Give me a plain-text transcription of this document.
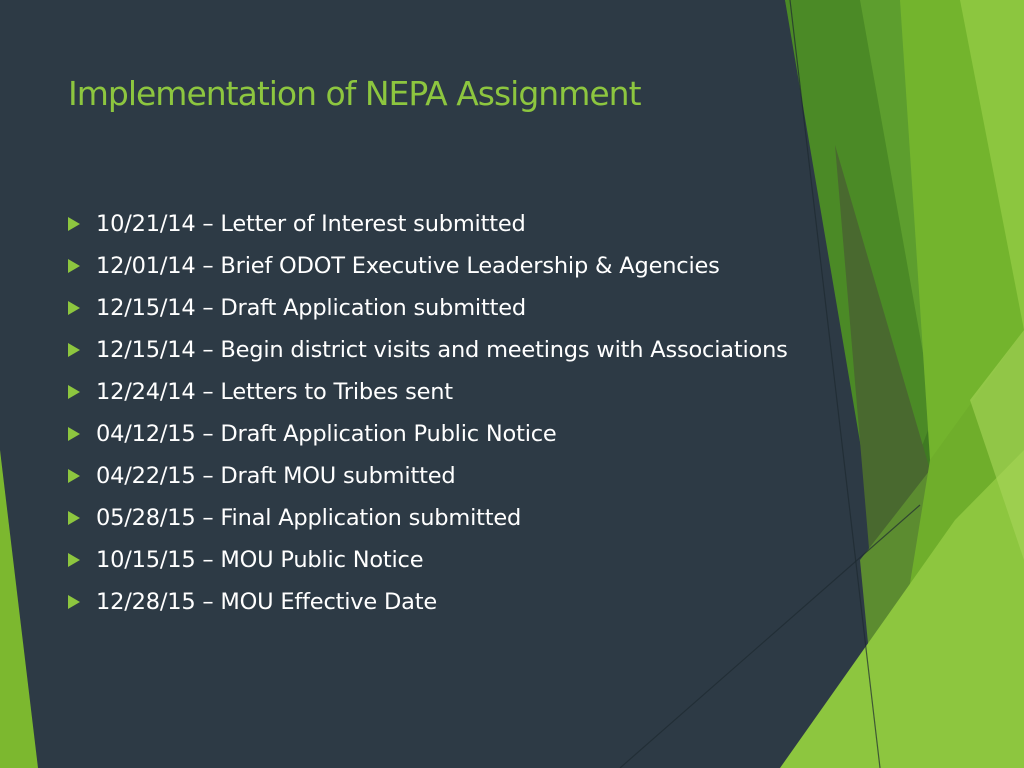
Implementation of NEPA Assignment
10/21/14 – Letter of Interest submitted
12/01/14 – Brief ODOT Executive Leadership & Agencies
12/15/14 – Draft Application submitted
12/15/14 – Begin district visits and meetings with Associations
12/24/14 – Letters to Tribes sent
04/12/15 – Draft Application Public Notice
04/22/15 – Draft MOU submitted
05/28/15 – Final Application submitted
10/15/15 – MOU Public Notice
12/28/15 – MOU Effective Date
